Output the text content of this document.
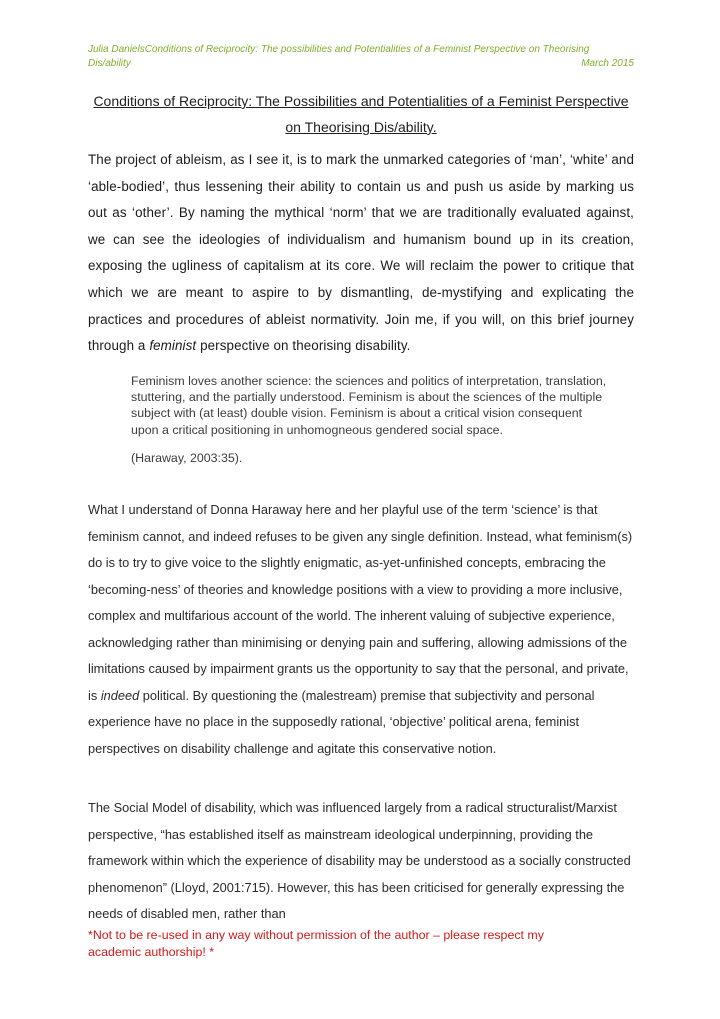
Julia DanielsConditions of Reciprocity: The possibilities and Potentialities of a Feminist Perspective on Theorising
Dis/ability	March 2015
Conditions of Reciprocity: The Possibilities and Potentialities of a Feminist Perspective
on Theorising Dis/ability.
The project of ableism, as I see it, is to mark the unmarked categories of ‘man’, ‘white’ and ‘able-bodied’, thus lessening their ability to contain us and push us aside by marking us out as ‘other’. By naming the mythical ‘norm’ that we are traditionally evaluated against, we can see the ideologies of individualism and humanism bound up in its creation, exposing the ugliness of capitalism at its core. We will reclaim the power to critique that which we are meant to aspire to by dismantling, de-mystifying and explicating the practices and procedures of ableist normativity. Join me, if you will, on this brief journey through a feminist perspective on theorising disability.
Feminism loves another science: the sciences and politics of interpretation, translation, stuttering, and the partially understood. Feminism is about the sciences of the multiple subject with (at least) double vision. Feminism is about a critical vision consequent upon a critical positioning in unhomogneous gendered social space.
(Haraway, 2003:35).
What I understand of Donna Haraway here and her playful use of the term ‘science’ is that feminism cannot, and indeed refuses to be given any single definition. Instead, what feminism(s) do is to try to give voice to the slightly enigmatic, as-yet-unfinished concepts, embracing the ‘becoming-ness’ of theories and knowledge positions with a view to providing a more inclusive, complex and multifarious account of the world. The inherent valuing of subjective experience, acknowledging rather than minimising or denying pain and suffering, allowing admissions of the limitations caused by impairment grants us the opportunity to say that the personal, and private, is indeed political. By questioning the (malestream) premise that subjectivity and personal experience have no place in the supposedly rational, ‘objective’ political arena, feminist perspectives on disability challenge and agitate this conservative notion.
The Social Model of disability, which was influenced largely from a radical structuralist/Marxist perspective, “has established itself as mainstream ideological underpinning, providing the framework within which the experience of disability may be understood as a socially constructed phenomenon” (Lloyd, 2001:715). However, this has been criticised for generally expressing the needs of disabled men, rather than
*Not to be re-used in any way without permission of the author – please respect my academic authorship! *
